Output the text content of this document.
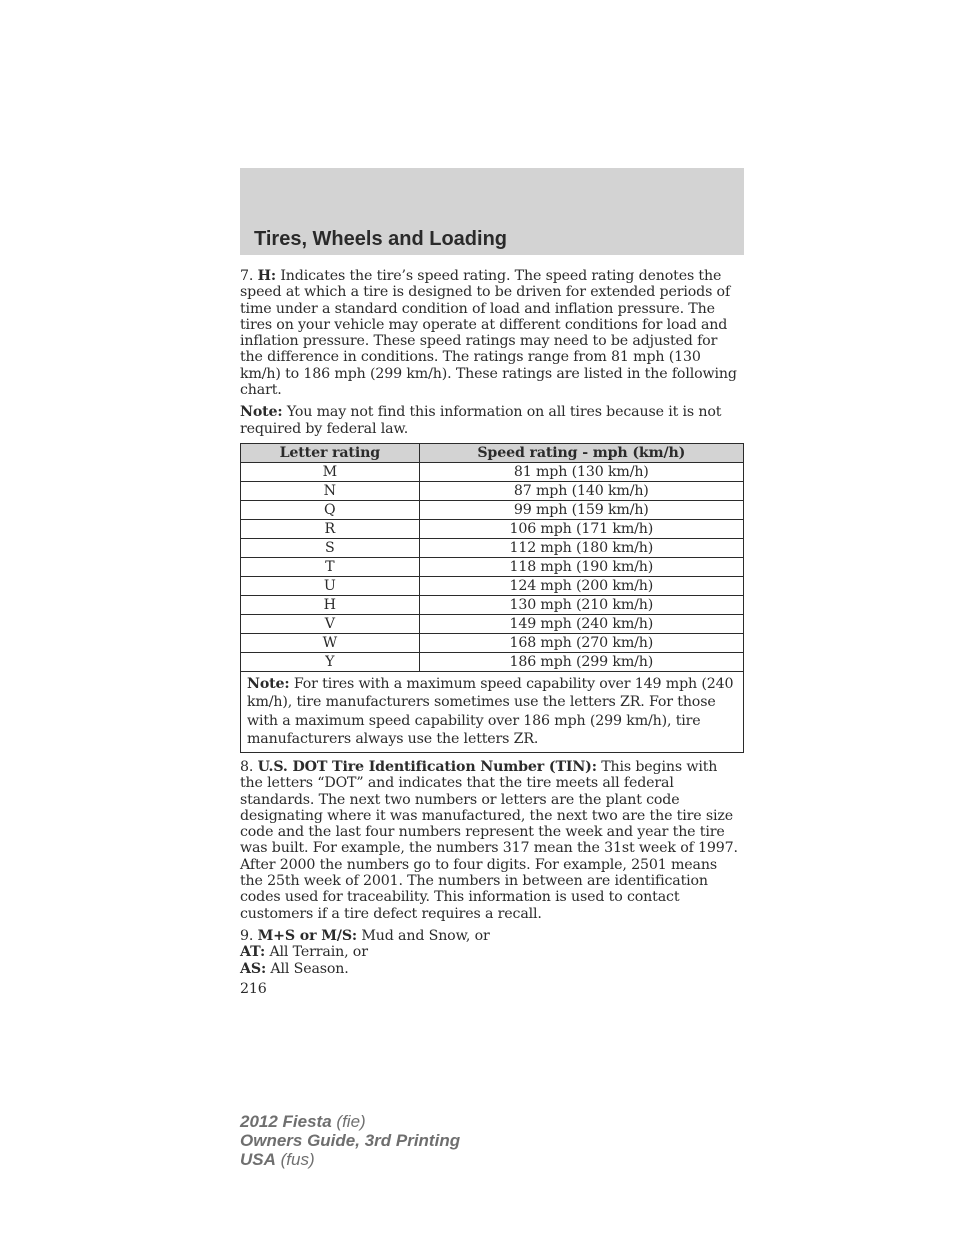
Tires, Wheels and Loading

7. H: Indicates the tire’s speed rating. The speed rating denotes the speed at which a tire is designed to be driven for extended periods of time under a standard condition of load and inflation pressure. The tires on your vehicle may operate at different conditions for load and inflation pressure. These speed ratings may need to be adjusted for the difference in conditions. The ratings range from 81 mph (130 km/h) to 186 mph (299 km/h). These ratings are listed in the following chart.

Note: You may not find this information on all tires because it is not required by federal law.

Letter rating	Speed rating - mph (km/h)
M	81 mph (130 km/h)
N	87 mph (140 km/h)
Q	99 mph (159 km/h)
R	106 mph (171 km/h)
S	112 mph (180 km/h)
T	118 mph (190 km/h)
U	124 mph (200 km/h)
H	130 mph (210 km/h)
V	149 mph (240 km/h)
W	168 mph (270 km/h)
Y	186 mph (299 km/h)
Note: For tires with a maximum speed capability over 149 mph (240 km/h), tire manufacturers sometimes use the letters ZR. For those with a maximum speed capability over 186 mph (299 km/h), tire manufacturers always use the letters ZR.	

8. U.S. DOT Tire Identification Number (TIN): This begins with the letters “DOT” and indicates that the tire meets all federal standards. The next two numbers or letters are the plant code designating where it was manufactured, the next two are the tire size code and the last four numbers represent the week and year the tire was built. For example, the numbers 317 mean the 31st week of 1997. After 2000 the numbers go to four digits. For example, 2501 means the 25th week of 2001. The numbers in between are identification codes used for traceability. This information is used to contact customers if a tire defect requires a recall.

9. M+S or M/S: Mud and Snow, or

AT: All Terrain, or

AS: All Season.

216
2012 Fiesta (fie)
Owners Guide, 3rd Printing
USA (fus)
